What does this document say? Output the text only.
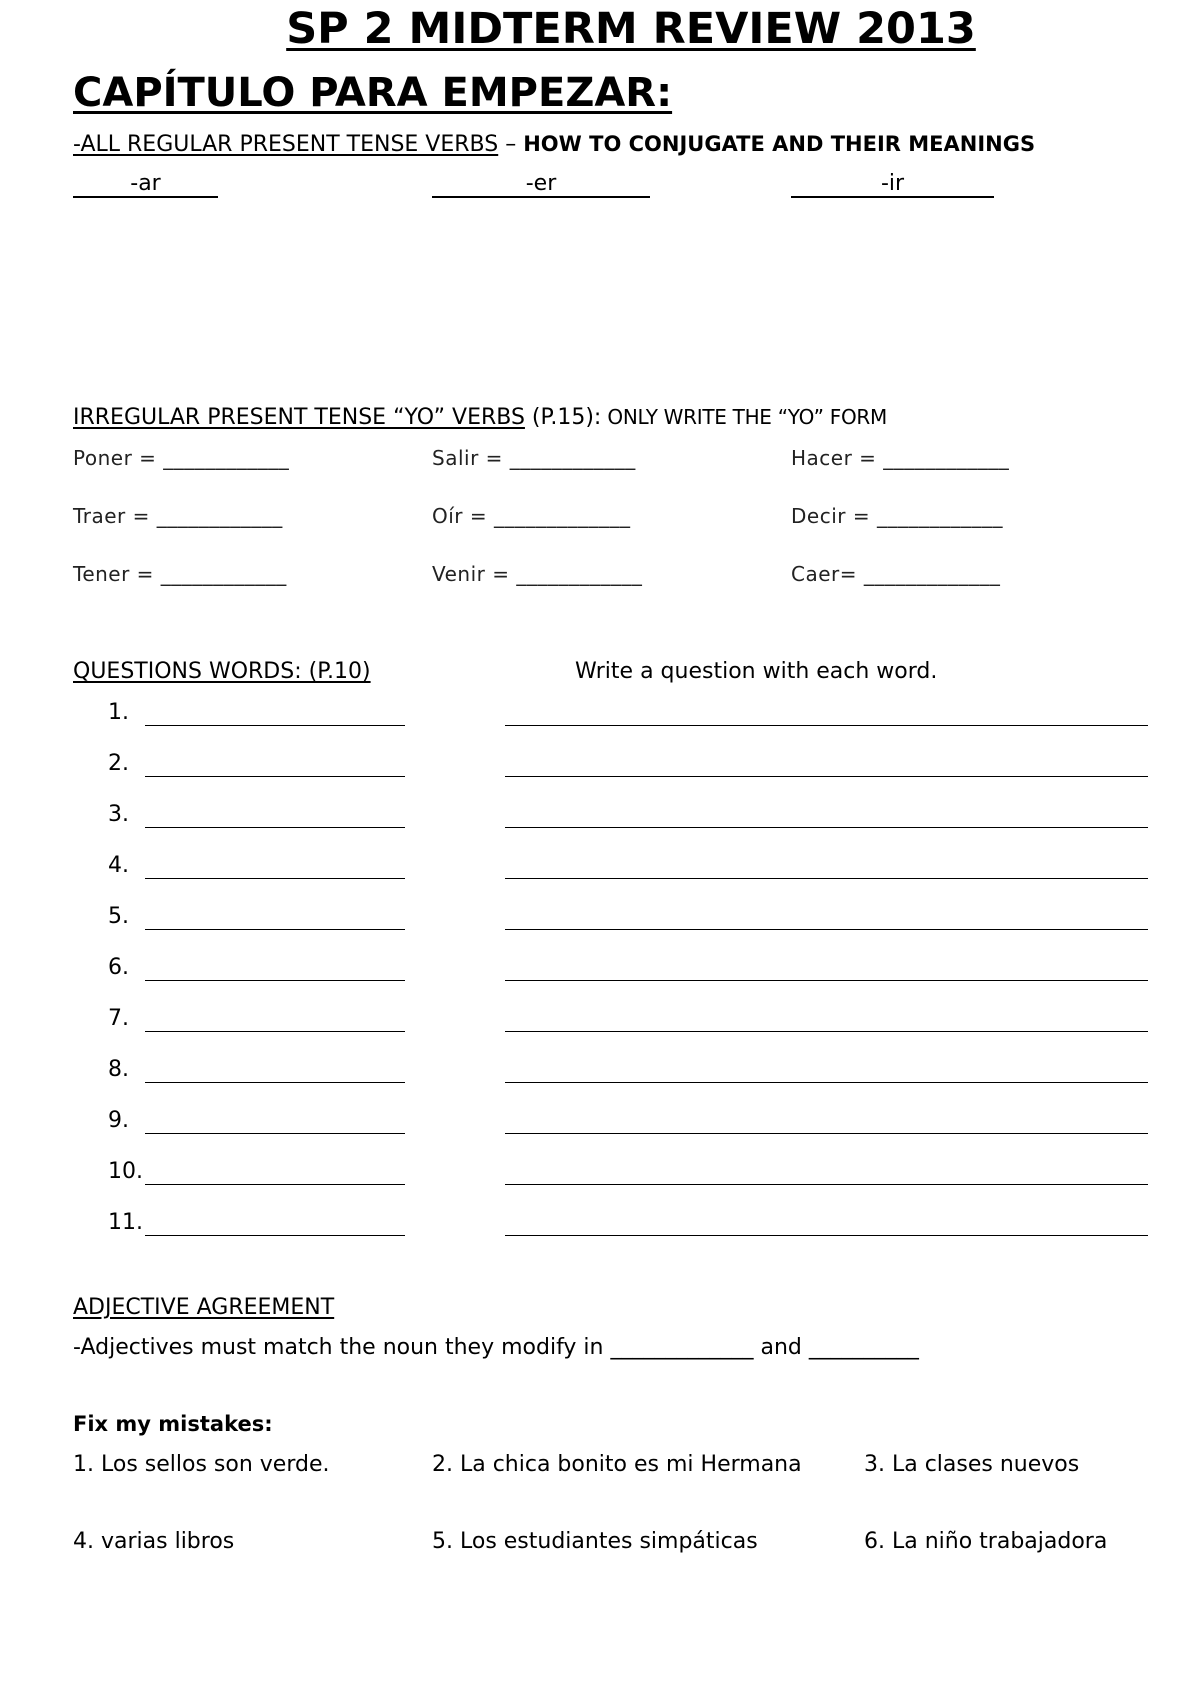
SP 2 MIDTERM REVIEW 2013
CAPÍTULO PARA EMPEZAR:
-ALL REGULAR PRESENT TENSE VERBS – HOW TO CONJUGATE AND THEIR MEANINGS
-ar	-er	-ir
IRREGULAR PRESENT TENSE “YO” VERBS (P.15): ONLY WRITE THE “YO” FORM
Poner = ____________	Salir = ____________	Hacer = ____________
Traer = ____________	Oír = _____________	Decir = ____________
Tener = ____________	Venir = ____________	Caer= _____________
QUESTIONS WORDS: (P.10)	Write a question with each word.
1.
2.
3.
4.
5.
6.
7.
8.
9.
10.
11.
ADJECTIVE AGREEMENT
-Adjectives must match the noun they modify in _____________ and __________
Fix my mistakes:
1. Los sellos son verde.	2. La chica bonito es mi Hermana	3. La clases nuevos
4. varias libros	5. Los estudiantes simpáticas	6. La niño trabajadora
